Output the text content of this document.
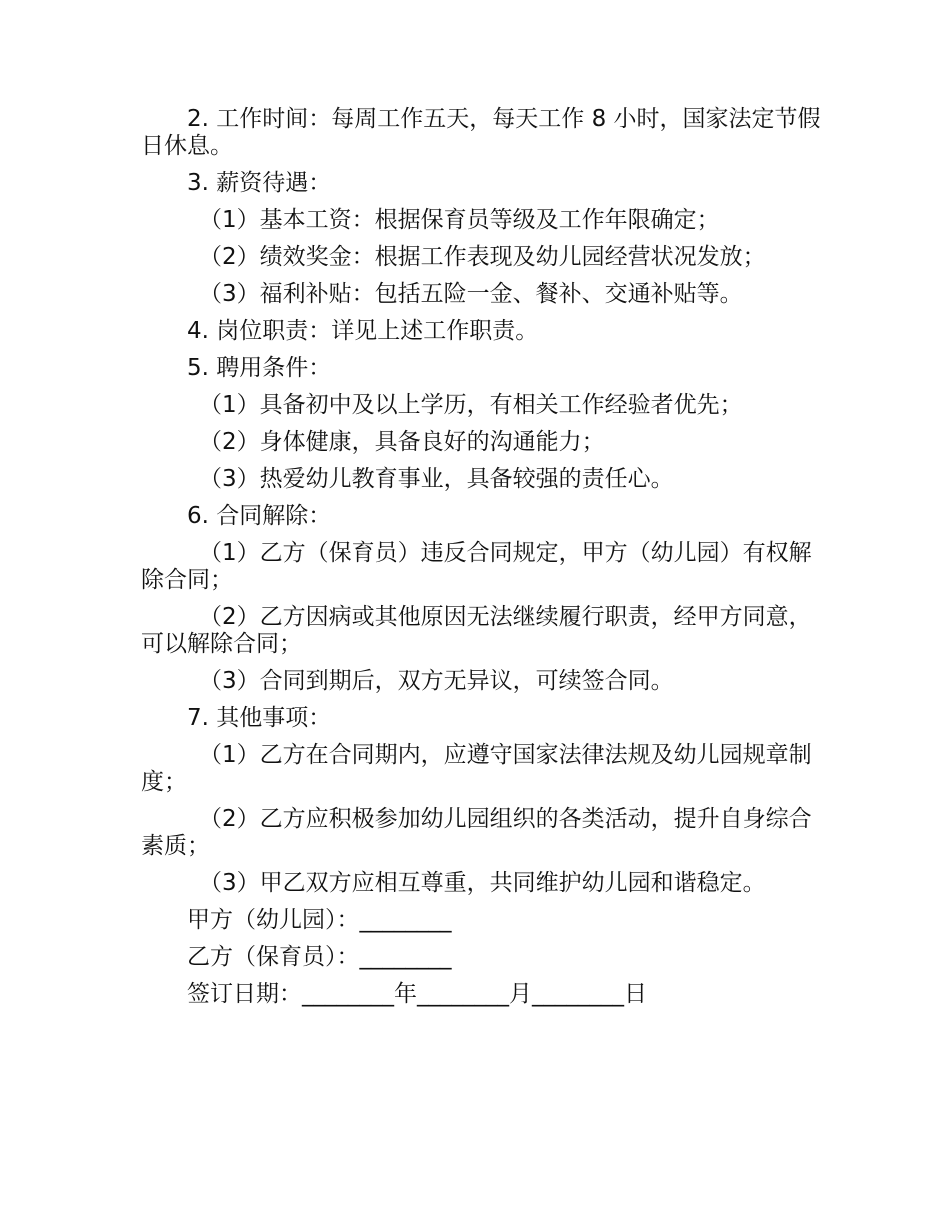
2. 工作时间：每周工作五天，每天工作 8 小时，国家法定节假日休息。

3. 薪资待遇：

（1）基本工资：根据保育员等级及工作年限确定；

（2）绩效奖金：根据工作表现及幼儿园经营状况发放；

（3）福利补贴：包括五险一金、餐补、交通补贴等。

4. 岗位职责：详见上述工作职责。

5. 聘用条件：

（1）具备初中及以上学历，有相关工作经验者优先；

（2）身体健康，具备良好的沟通能力；

（3）热爱幼儿教育事业，具备较强的责任心。

6. 合同解除：

（1）乙方（保育员）违反合同规定，甲方（幼儿园）有权解除合同；

（2）乙方因病或其他原因无法继续履行职责，经甲方同意，可以解除合同；

（3）合同到期后，双方无异议，可续签合同。

7. 其他事项：

（1）乙方在合同期内，应遵守国家法律法规及幼儿园规章制度；

（2）乙方应积极参加幼儿园组织的各类活动，提升自身综合素质；

（3）甲乙双方应相互尊重，共同维护幼儿园和谐稳定。

甲方（幼儿园）：________

乙方（保育员）：________

签订日期：________年________月________日
